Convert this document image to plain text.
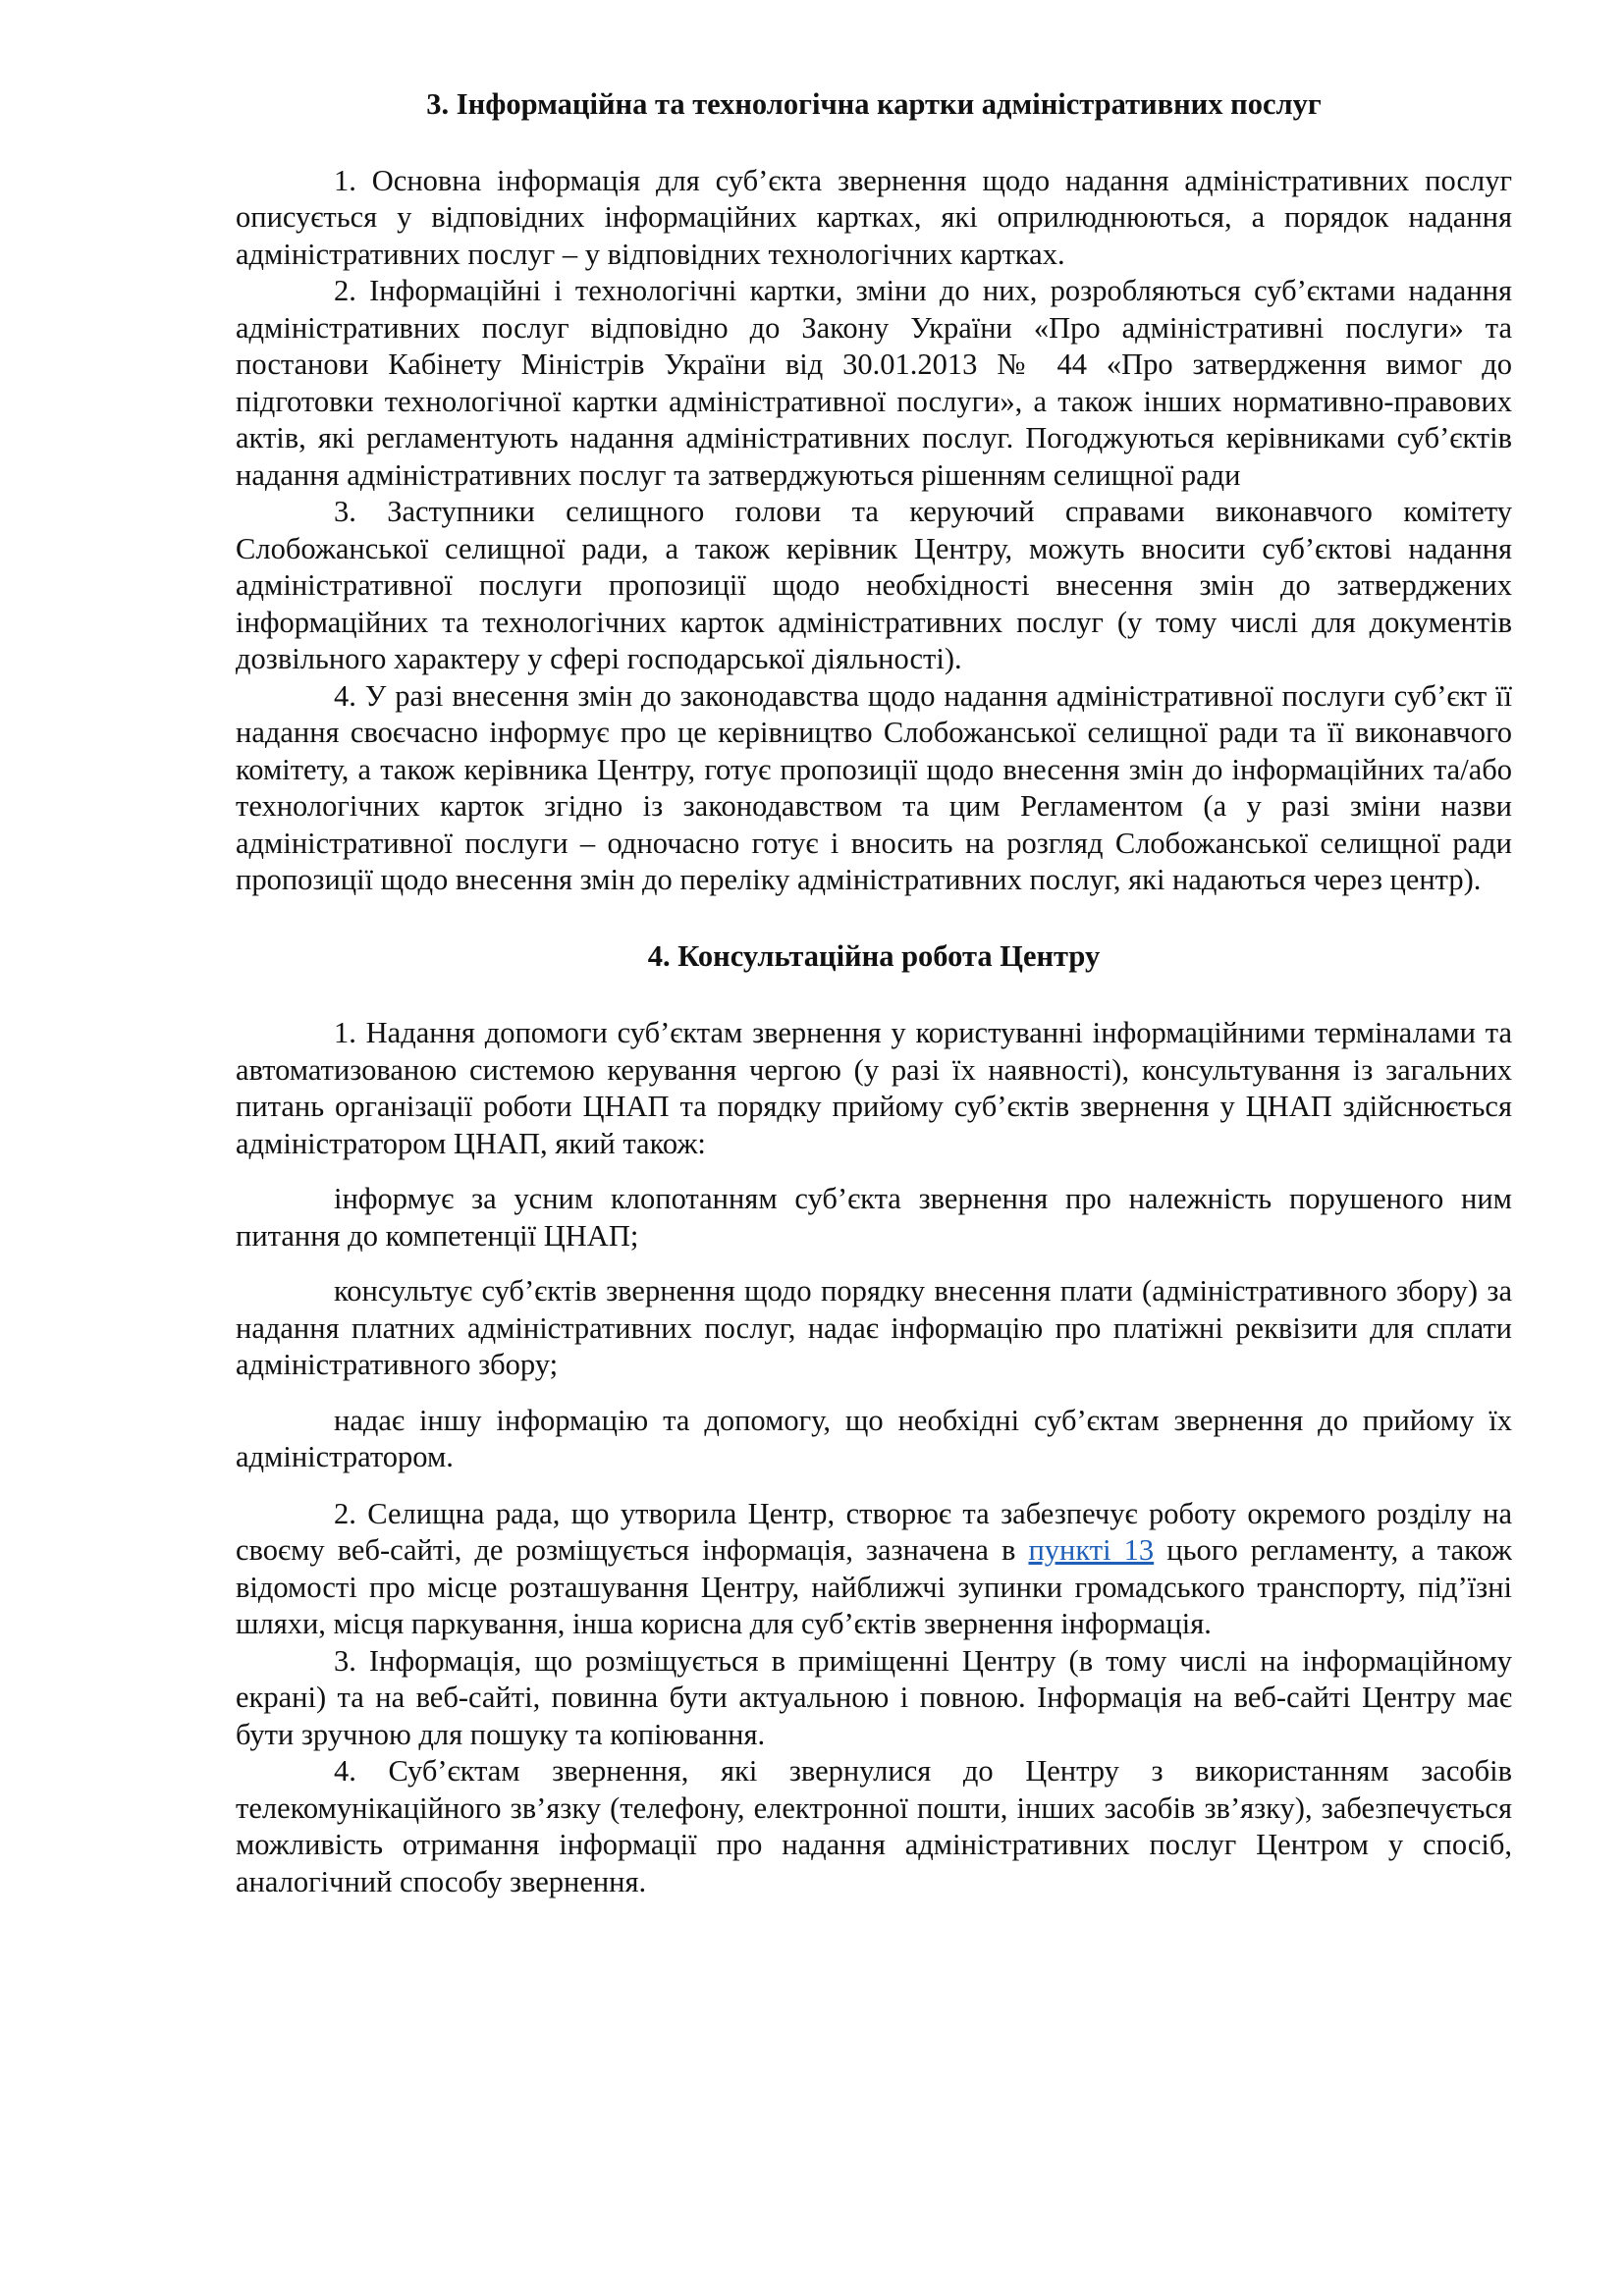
3. Інформаційна та технологічна картки адміністративних послуг

1. Основна інформація для суб’єкта звернення щодо надання адміністративних послуг описується у відповідних інформаційних картках, які оприлюднюються, а порядок надання адміністративних послуг – у відповідних технологічних картках.

2. Інформаційні і технологічні картки, зміни до них, розробляються суб’єктами надання адміністративних послуг відповідно до Закону України «Про адміністративні послуги» та постанови Кабінету Міністрів України від 30.01.2013 № 44 «Про затвердження вимог до підготовки технологічної картки адміністративної послуги», а також інших нормативно-правових актів, які регламентують надання адміністративних послуг. Погоджуються керівниками суб’єктів надання адміністративних послуг та затверджуються рішенням селищної ради

3. Заступники селищного голови та керуючий справами виконавчого комітету Слобожанської селищної ради, а також керівник Центру, можуть вносити суб’єктові надання адміністративної послуги пропозиції щодо необхідності внесення змін до затверджених інформаційних та технологічних карток адміністративних послуг (у тому числі для документів дозвільного характеру у сфері господарської діяльності).

4. У разі внесення змін до законодавства щодо надання адміністративної послуги суб’єкт її надання своєчасно інформує про це керівництво Слобожанської селищної ради та її виконавчого комітету, а також керівника Центру, готує пропозиції щодо внесення змін до інформаційних та/або технологічних карток згідно із законодавством та цим Регламентом (а у разі зміни назви адміністративної послуги – одночасно готує і вносить на розгляд Слобожанської селищної ради пропозиції щодо внесення змін до переліку адміністративних послуг, які надаються через центр).

4. Консультаційна робота Центру

1. Надання допомоги суб’єктам звернення у користуванні інформаційними терміналами та автоматизованою системою керування чергою (у разі їх наявності), консультування із загальних питань організації роботи ЦНАП та порядку прийому суб’єктів звернення у ЦНАП здійснюється адміністратором ЦНАП, який також:

інформує за усним клопотанням суб’єкта звернення про належність порушеного ним питання до компетенції ЦНАП;

консультує суб’єктів звернення щодо порядку внесення плати (адміністративного збору) за надання платних адміністративних послуг, надає інформацію про платіжні реквізити для сплати адміністративного збору;

надає іншу інформацію та допомогу, що необхідні суб’єктам звернення до прийому їх адміністратором.

2. Селищна рада, що утворила Центр, створює та забезпечує роботу окремого розділу на своєму веб-сайті, де розміщується інформація, зазначена в пункті 13 цього регламенту, а також відомості про місце розташування Центру, найближчі зупинки громадського транспорту, під’їзні шляхи, місця паркування, інша корисна для суб’єктів звернення інформація.

3. Інформація, що розміщується в приміщенні Центру (в тому числі на інформаційному екрані) та на веб-сайті, повинна бути актуальною і повною. Інформація на веб-сайті Центру має бути зручною для пошуку та копіювання.

4. Суб’єктам звернення, які звернулися до Центру з використанням засобів телекомунікаційного зв’язку (телефону, електронної пошти, інших засобів зв’язку), забезпечується можливість отримання інформації про надання адміністративних послуг Центром у спосіб, аналогічний способу звернення.
